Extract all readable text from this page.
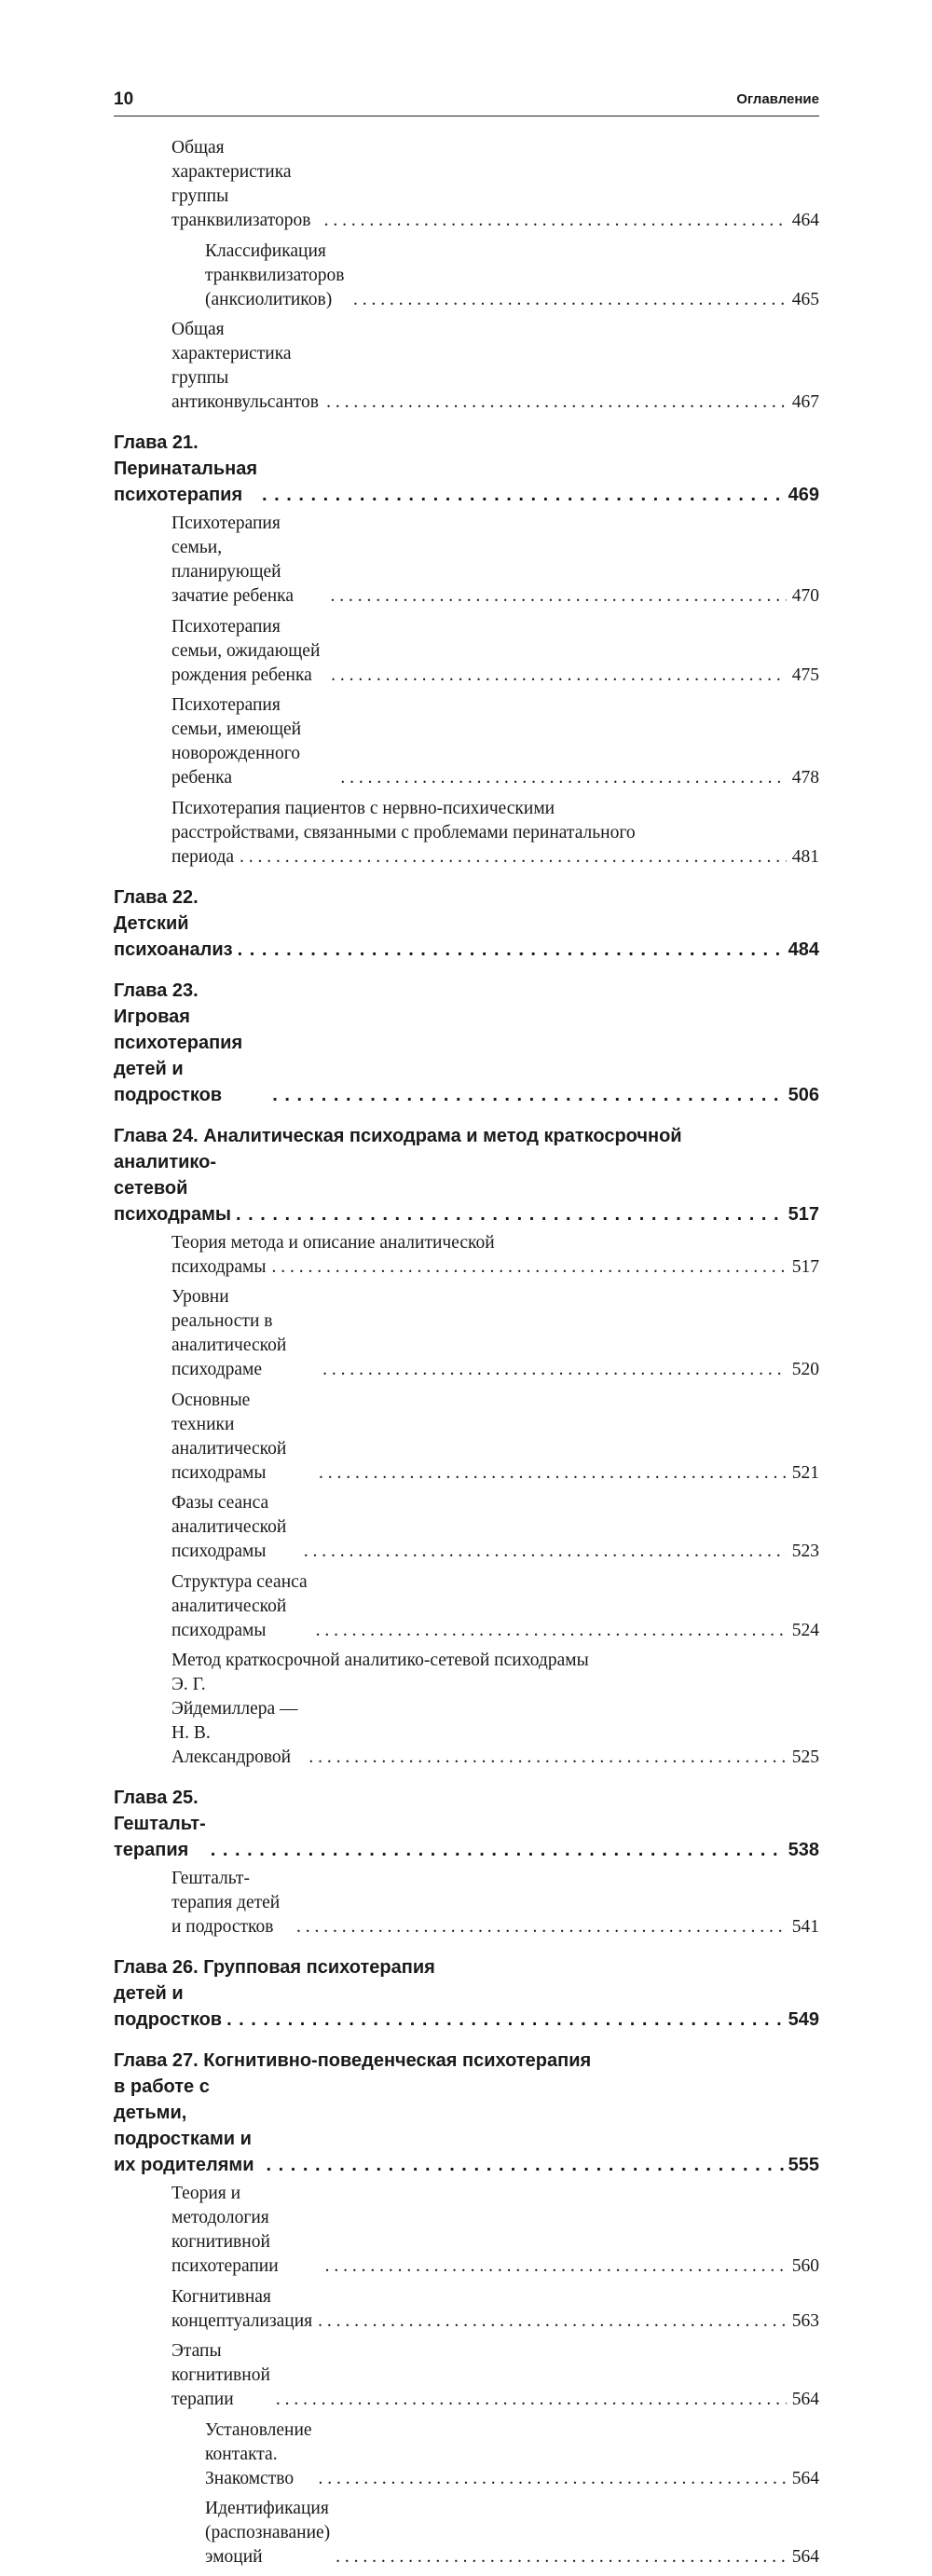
10	Оглавление
Общая характеристика группы транквилизаторов . . .	464
Классификация транквилизаторов (анксиолитиков) . . .	465
Общая характеристика группы антиконвульсантов . . .	467
Глава 21. Перинатальная психотерапия . . .	469
Психотерапия семьи, планирующей зачатие ребенка . . .	470
Психотерапия семьи, ожидающей рождения ребенка . . .	475
Психотерапия семьи, имеющей новорожденного ребенка . . .	478
Психотерапия пациентов с нервно-психическими
расстройствами, связанными с проблемами перинатального
периода . . .	481
Глава 22. Детский психоанализ . . .	484
Глава 23. Игровая психотерапия детей и подростков . . .	506
Глава 24. Аналитическая психодрама и метод краткосрочной
аналитико-сетевой психодрамы . . .	517
Теория метода и описание аналитической
психодрамы . . .	517
Уровни реальности в аналитической психодраме . . .	520
Основные техники аналитической психодрамы . . .	521
Фазы сеанса аналитической психодрамы . . .	523
Структура сеанса аналитической психодрамы . . .	524
Метод краткосрочной аналитико-сетевой психодрамы
Э. Г. Эйдемиллера — Н. В. Александровой . . .	525
Глава 25. Гештальт-терапия . . .	538
Гештальт-терапия детей и подростков . . .	541
Глава 26. Групповая психотерапия
детей и подростков . . .	549
Глава 27. Когнитивно-поведенческая психотерапия
в работе с детьми, подростками и их родителями . . .	555
Теория и методология когнитивной психотерапии . . .	560
Когнитивная концептуализация . . .	563
Этапы когнитивной терапии . . .	564
Установление контакта. Знакомство . . .	564
Идентификация (распознавание) эмоций . . .	564
